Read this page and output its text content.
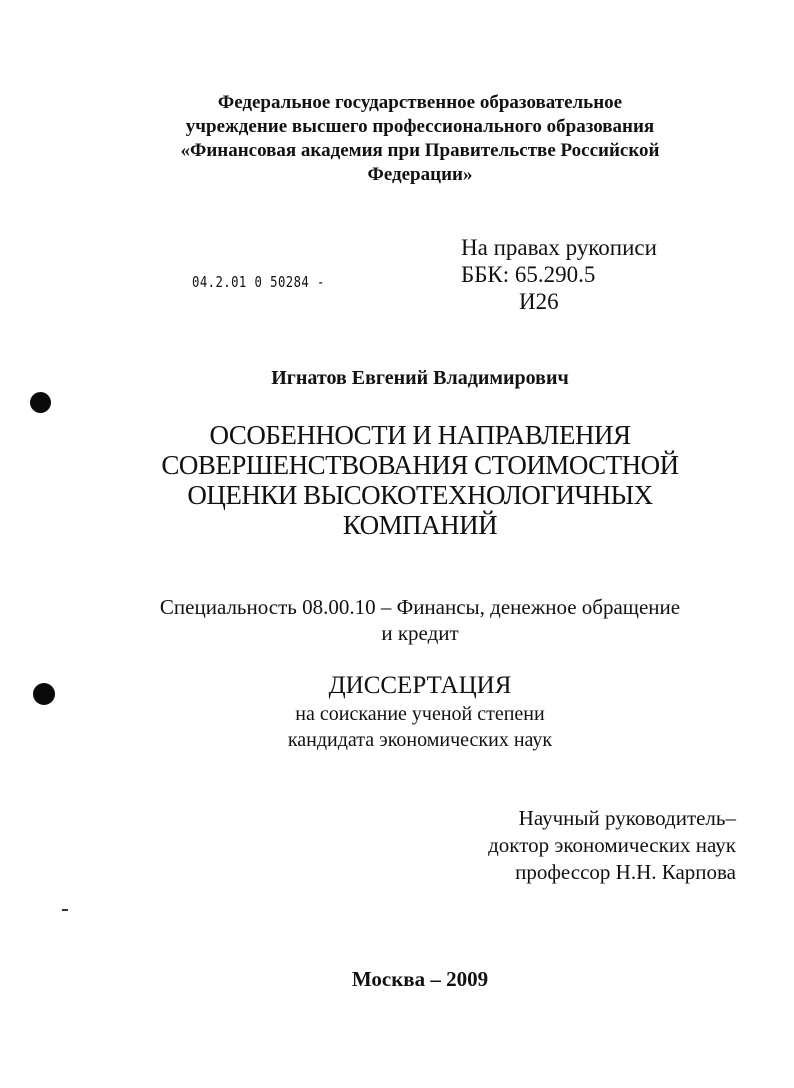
Федеральное государственное образовательное
учреждение высшего профессионального образования
«Финансовая академия при Правительстве Российской
Федерации»
04.2.01 0 50284 -
На правах рукописи
ББК: 65.290.5
И26
Игнатов Евгений Владимирович
ОСОБЕННОСТИ И НАПРАВЛЕНИЯ
СОВЕРШЕНСТВОВАНИЯ СТОИМОСТНОЙ
ОЦЕНКИ ВЫСОКОТЕХНОЛОГИЧНЫХ
КОМПАНИЙ
Специальность 08.00.10 – Финансы, денежное обращение
и кредит
ДИССЕРТАЦИЯ
на соискание ученой степени
кандидата экономических наук
Научный руководитель–
доктор экономических наук
профессор Н.Н. Карпова
Москва – 2009
